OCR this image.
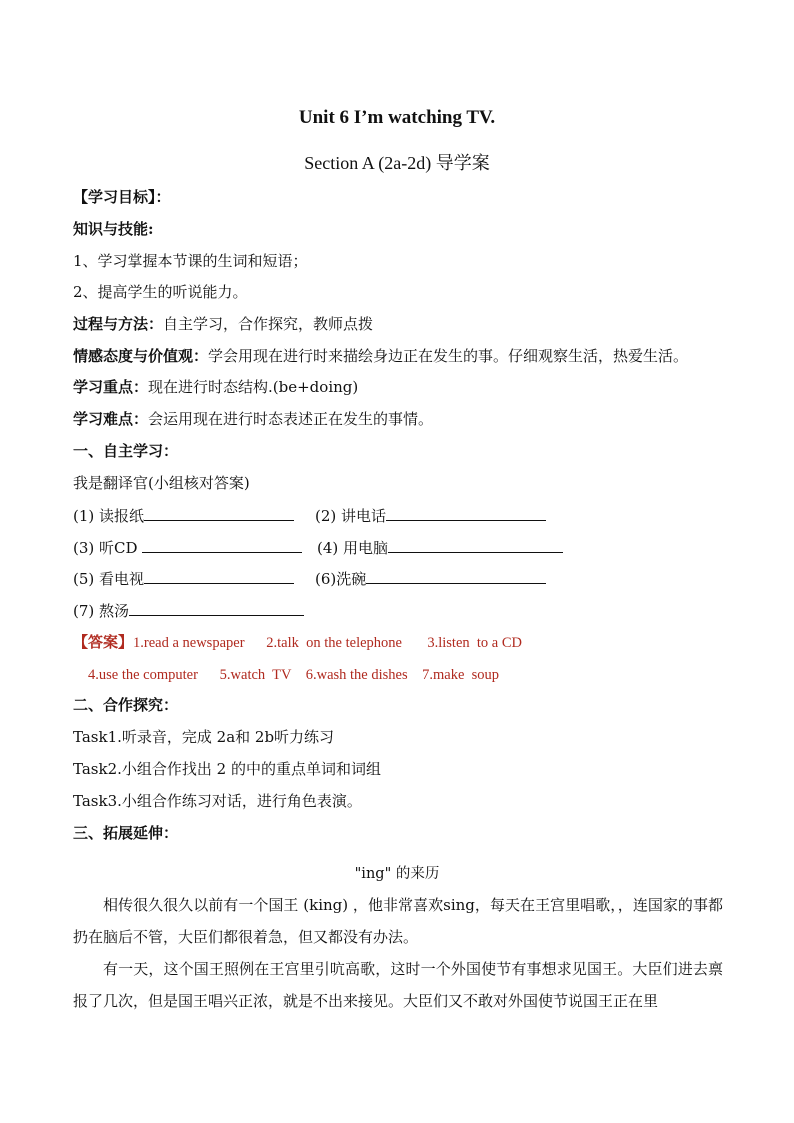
Unit 6 I’m watching TV.
Section A (2a-2d) 导学案
【学习目标】：
知识与技能:
1、学习掌握本节课的生词和短语；
2、提高学生的听说能力。
过程与方法：自主学习，合作探究，教师点拨
情感态度与价值观：学会用现在进行时来描绘身边正在发生的事。仔细观察生活，热爱生活。
学习重点：现在进行时态结构.(be+doing)
学习难点：会运用现在进行时态表述正在发生的事情。
一、自主学习：
我是翻译官(小组核对答案)
(1) 读报纸	(2) 讲电话
(3) 听CD	(4) 用电脑
(5) 看电视	(6)洗碗
(7) 熬汤
【答案】1.read a newspaper      2.talk  on the telephone       3.listen  to a CD
4.use the computer      5.watch  TV    6.wash the dishes    7.make  soup
二、合作探究：
Task1.听录音，完成 2a和 2b听力练习
Task2.小组合作找出 2 的中的重点单词和词组
Task3.小组合作练习对话，进行角色表演。
三、拓展延伸：
"ing" 的来历
相传很久很久以前有一个国王 (king) ，他非常喜欢sing，每天在王宫里唱歌，，连国家的事都扔在脑后不管，大臣们都很着急，但又都没有办法。
有一天，这个国王照例在王宫里引吭高歌，这时一个外国使节有事想求见国王。大臣们进去禀报了几次，但是国王唱兴正浓，就是不出来接见。大臣们又不敢对外国使节说国王正在里
